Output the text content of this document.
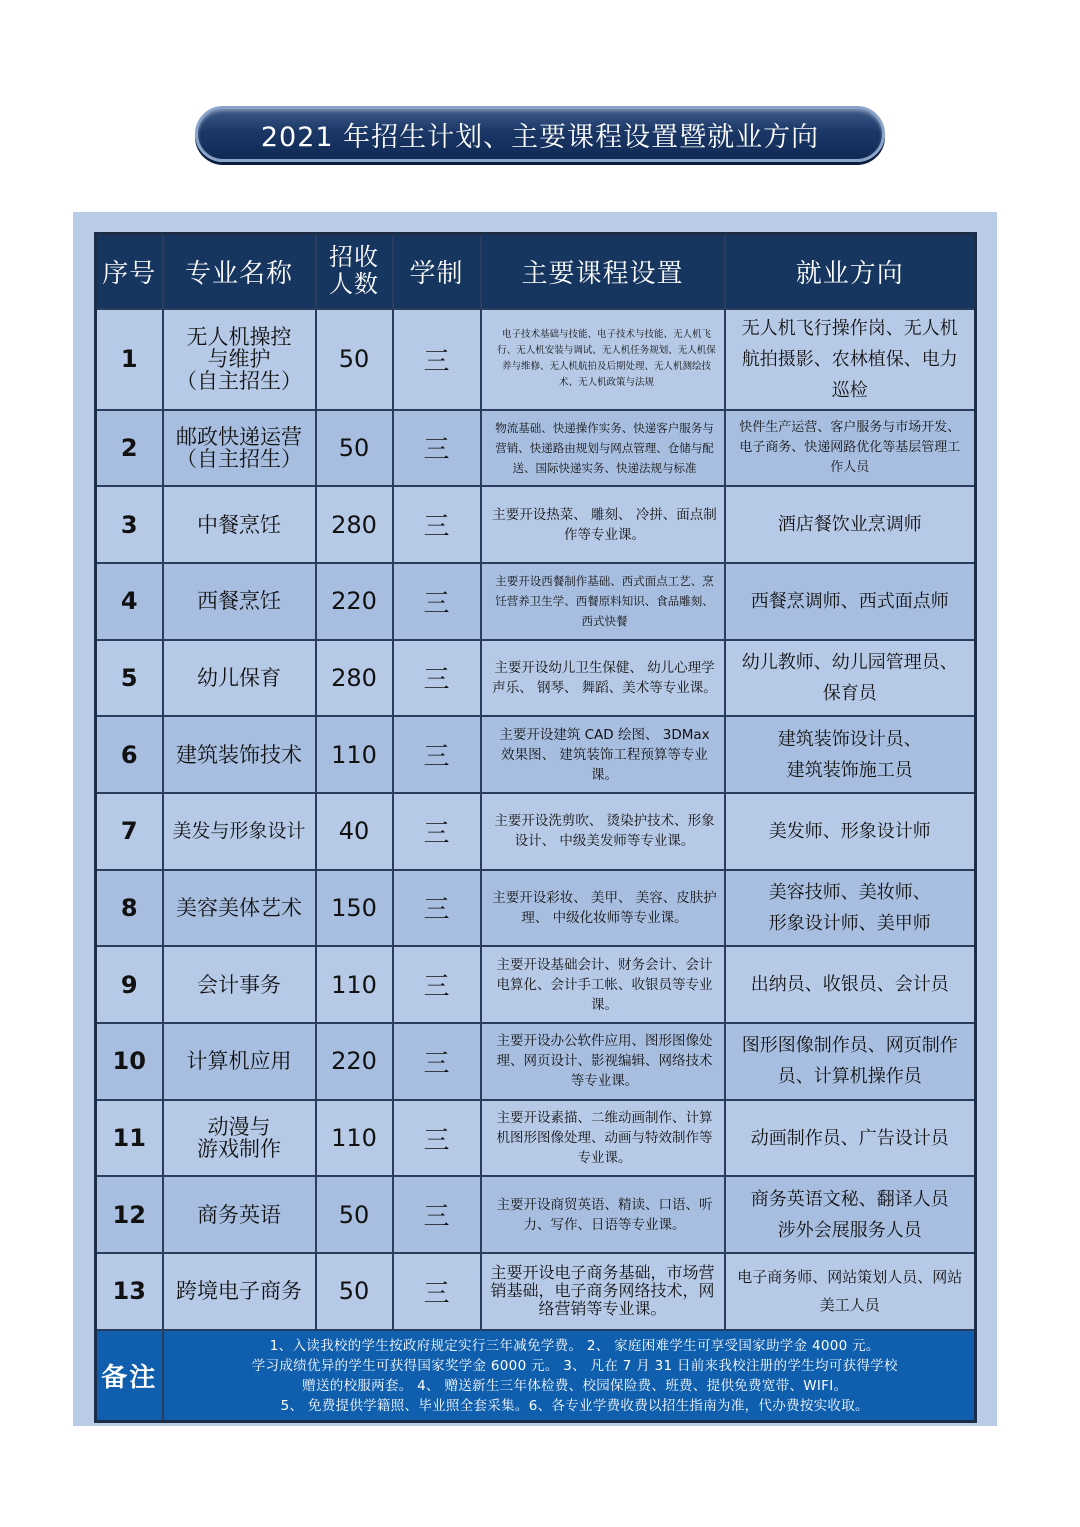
2021 年招生计划、主要课程设置暨就业方向
序号	专业名称	招收
人数	学制	主要课程设置	就业方向
1	无人机操控
与维护
（自主招生）	50	三	电子技术基础与技能、电子技术与技能、无人机飞行、无人机安装与调试、无人机任务规划、无人机保养与维修、无人机航拍及后期处理、无人机测绘技术、无人机政策与法规	无人机飞行操作岗、无人机航拍摄影、农林植保、电力巡检
2	邮政快递运营
（自主招生）	50	三	物流基础、快递操作实务、快递客户服务与营销、快递路由规划与网点管理、仓储与配送、国际快递实务、快递法规与标准	快件生产运营、客户服务与市场开发、电子商务、快递网路优化等基层管理工作人员
3	中餐烹饪	280	三	主要开设热菜、 雕刻、 冷拼、面点制作等专业课。	酒店餐饮业烹调师
4	西餐烹饪	220	三	主要开设西餐制作基础、西式面点工艺、烹饪营养卫生学、西餐原料知识、食品雕刻、西式快餐	西餐烹调师、西式面点师
5	幼儿保育	280	三	主要开设幼儿卫生保健、 幼儿心理学声乐、 钢琴、 舞蹈、美术等专业课。	幼儿教师、幼儿园管理员、保育员
6	建筑装饰技术	110	三	主要开设建筑 CAD 绘图、 3DMax 效果图、 建筑装饰工程预算等专业课。	建筑装饰设计员、
建筑装饰施工员
7	美发与形象设计	40	三	主要开设洗剪吹、 烫染护技术、形象设计、 中级美发师等专业课。	美发师、形象设计师
8	美容美体艺术	150	三	主要开设彩妆、 美甲、 美容、皮肤护理、 中级化妆师等专业课。	美容技师、美妆师、
形象设计师、美甲师
9	会计事务	110	三	主要开设基础会计、财务会计、会计电算化、会计手工帐、收银员等专业课。	出纳员、收银员、会计员
10	计算机应用	220	三	主要开设办公软件应用、图形图像处理、网页设计、影视编辑、网络技术等专业课。	图形图像制作员、网页制作员、计算机操作员
11	动漫与
游戏制作	110	三	主要开设素描、二维动画制作、计算机图形图像处理、动画与特效制作等专业课。	动画制作员、广告设计员
12	商务英语	50	三	主要开设商贸英语、精读、口语、听力、写作、日语等专业课。	商务英语文秘、翻译人员
涉外会展服务人员
13	跨境电子商务	50	三	主要开设电子商务基础，市场营销基础，电子商务网络技术，网络营销等专业课。	电子商务师、网站策划人员、网站美工人员
备注	1、入读我校的学生按政府规定实行三年减免学费。 2、 家庭困难学生可享受国家助学金 4000 元。
学习成绩优异的学生可获得国家奖学金 6000 元。 3、 凡在 7 月 31 日前来我校注册的学生均可获得学校
赠送的校服两套。 4、 赠送新生三年体检费、校园保险费、班费、提供免费宽带、WIFI。
5、 免费提供学籍照、毕业照全套采集。6、各专业学费收费以招生指南为准，代办费按实收取。				
